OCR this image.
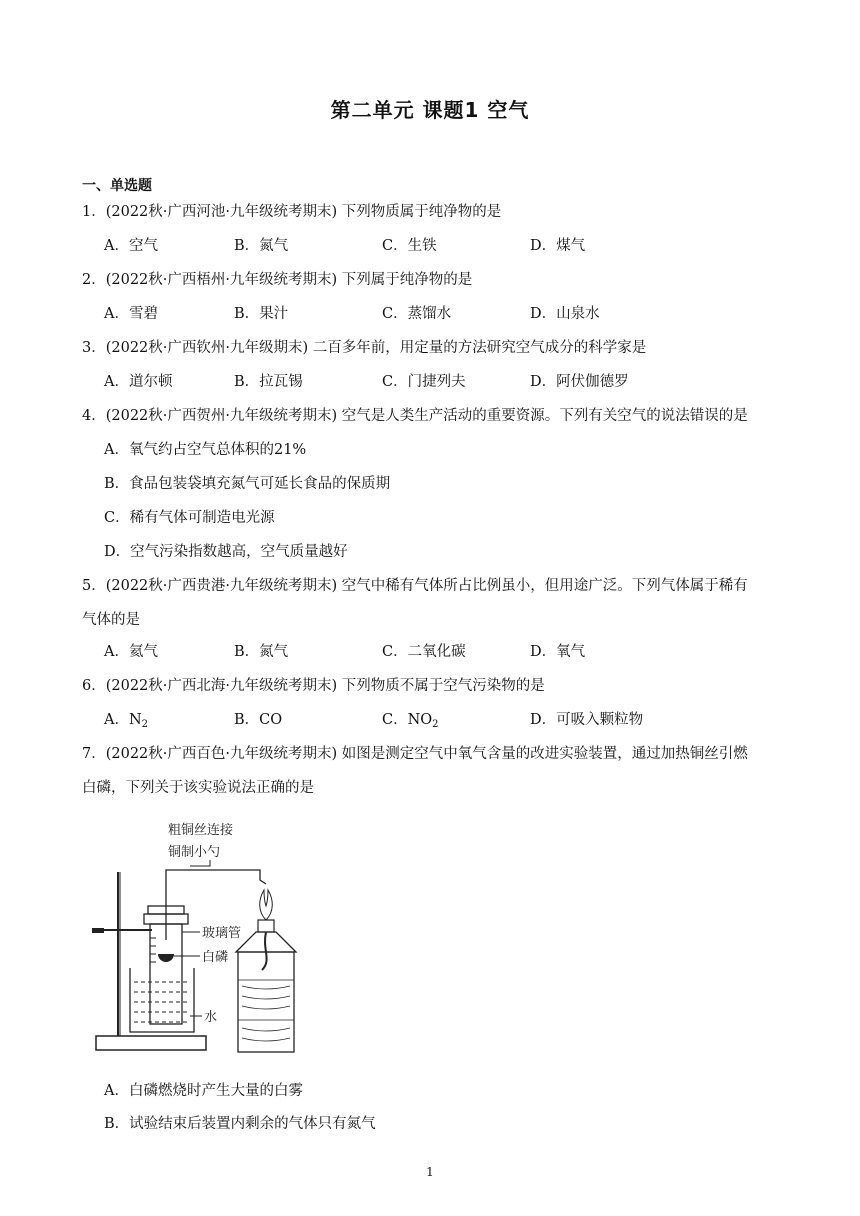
第二单元 课题1 空气
一、单选题
1．(2022秋·广西河池·九年级统考期末) 下列物质属于纯净物的是
A．空气	B．氮气	C．生铁	D．煤气
2．(2022秋·广西梧州·九年级统考期末) 下列属于纯净物的是
A．雪碧	B．果汁	C．蒸馏水	D．山泉水
3．(2022秋·广西钦州·九年级期末) 二百多年前，用定量的方法研究空气成分的科学家是
A．道尔顿	B．拉瓦锡	C．门捷列夫	D．阿伏伽德罗
4．(2022秋·广西贺州·九年级统考期末) 空气是人类生产活动的重要资源。下列有关空气的说法错误的是
A．氧气约占空气总体积的21%
B．食品包装袋填充氮气可延长食品的保质期
C．稀有气体可制造电光源
D．空气污染指数越高，空气质量越好
5．(2022秋·广西贵港·九年级统考期末) 空气中稀有气体所占比例虽小，但用途广泛。下列气体属于稀有
气体的是
A．氦气	B．氮气	C．二氧化碳	D．氧气
6．(2022秋·广西北海·九年级统考期末) 下列物质不属于空气污染物的是
A．$N_2$	B．CO	C．$NO_2$	D．可吸入颗粒物
7．(2022秋·广西百色·九年级统考期末) 如图是测定空气中氧气含量的改进实验装置，通过加热铜丝引燃
白磷，下列关于该实验说法正确的是
粗铜丝连接
铜制小勺
玻璃管
白磷
水
A．白磷燃烧时产生大量的白雾
B．试验结束后装置内剩余的气体只有氮气
1
